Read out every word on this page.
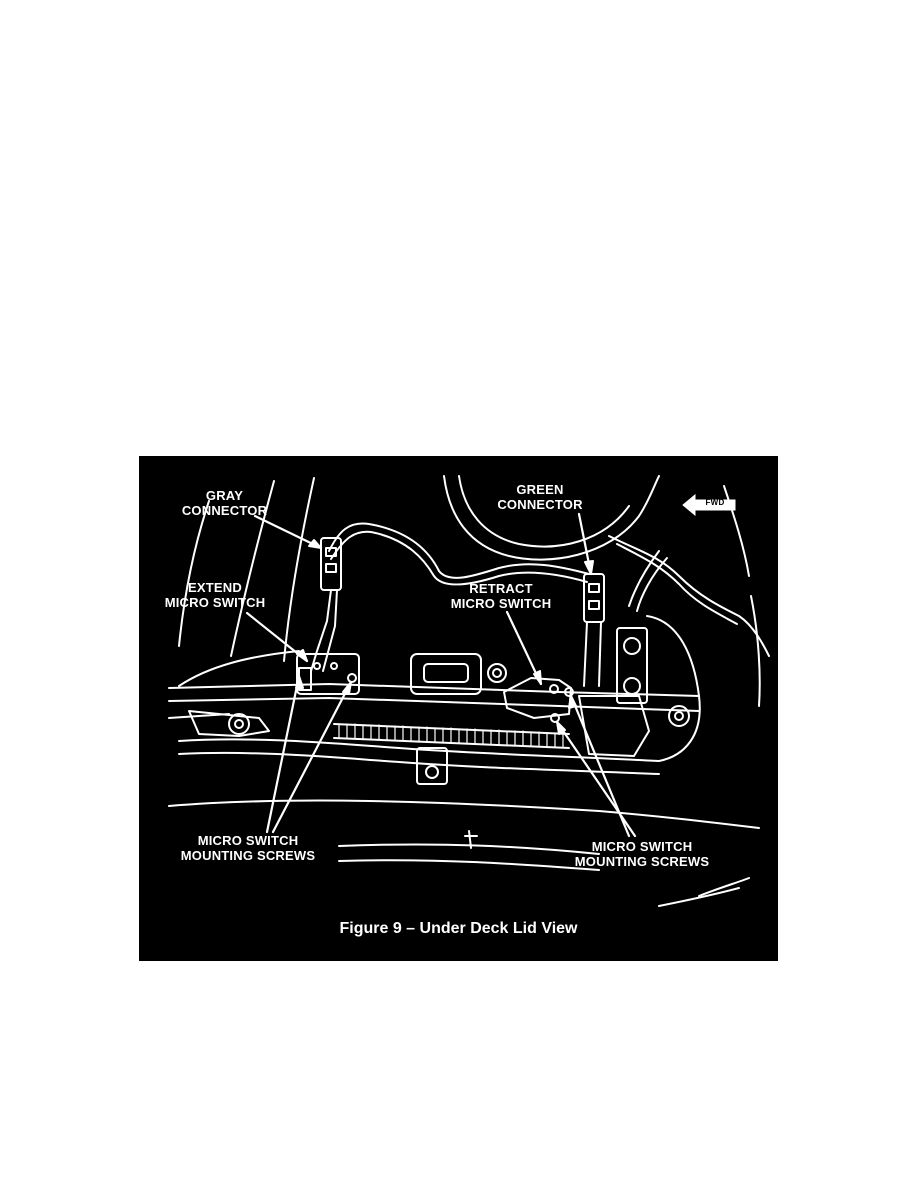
GRAY
CONNECTOR
GREEN
CONNECTOR
EXTEND
MICRO SWITCH
RETRACT
MICRO SWITCH
MICRO SWITCH
MOUNTING SCREWS
MICRO SWITCH
MOUNTING SCREWS
FWD
Figure 9 – Under Deck Lid View
